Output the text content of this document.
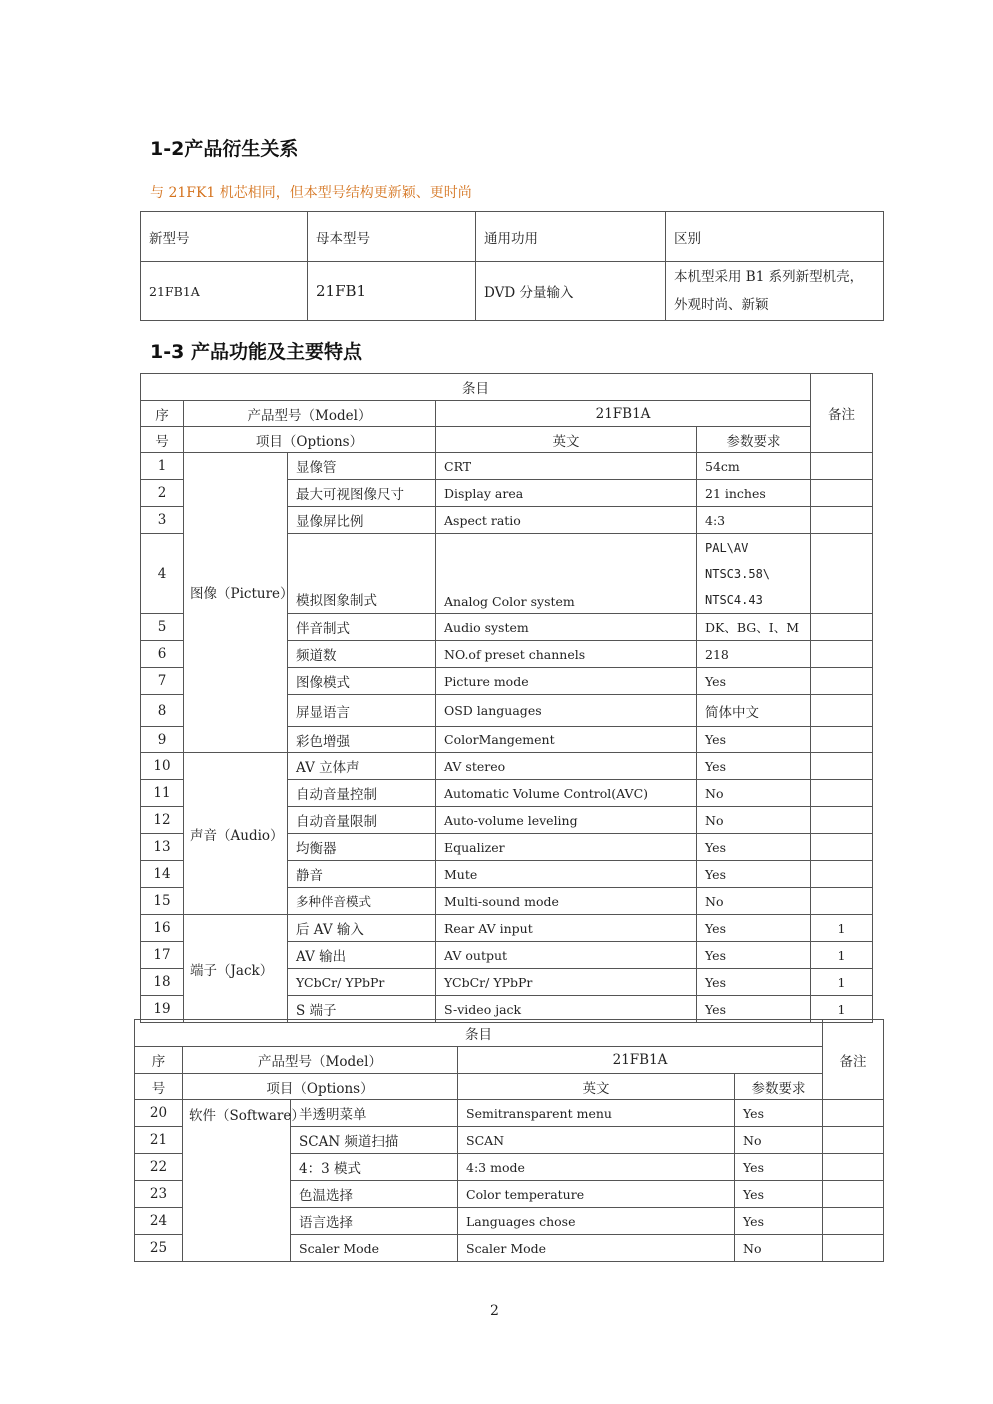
1-2产品衍生关系
与 21FK1 机芯相同，但本型号结构更新颖、更时尚
新型号	母本型号	通用功用	区别
21FB1A	21FB1	DVD 分量输入	本机型采用 B1 系列新型机壳，
外观时尚、新颖
1-3 产品功能及主要特点
条目					备注
序	产品型号（Model）		21FB1A		
号	项目（Options）		英文	参数要求	
1	图像（Picture）	显像管	CRT	54cm	
2		最大可视图像尺寸	Display area	21 inches	
3		显像屏比例	Aspect ratio	4:3	
4		模拟图象制式	Analog Color system	PAL\AV
NTSC3.58\
NTSC4.43	

5		伴音制式	Audio system	DK、BG、I、M	
6		频道数	NO.of preset channels	218	
7		图像模式	Picture mode	Yes	
8		屏显语言	OSD languages	简体中文	
9		彩色增强	ColorMangement	Yes	
10	声音（Audio）	AV 立体声	AV stereo	Yes	
11		自动音量控制	Automatic Volume Control(AVC)	No	
12		自动音量限制	Auto-volume leveling	No	
13		均衡器	Equalizer	Yes	
14		静音	Mute	Yes	
15		多种伴音模式	Multi-sound mode	No	
16	端子（Jack）	后 AV 输入	Rear AV input	Yes	1
17		AV 输出	AV output	Yes	1
18		YCbCr/ YPbPr	YCbCr/ YPbPr	Yes	1
19		S 端子	S-video jack	Yes	1
条目					备注
序	产品型号（Model）		21FB1A		
号	项目（Options）		英文	参数要求	
20	软件（Software）	半透明菜单	Semitransparent menu	Yes	
21		SCAN 频道扫描	SCAN	No	
22		4：3 模式	4:3 mode	Yes	
23		色温选择	Color temperature	Yes	
24		语言选择	Languages chose	Yes	
25		Scaler Mode	Scaler Mode	No	
2
